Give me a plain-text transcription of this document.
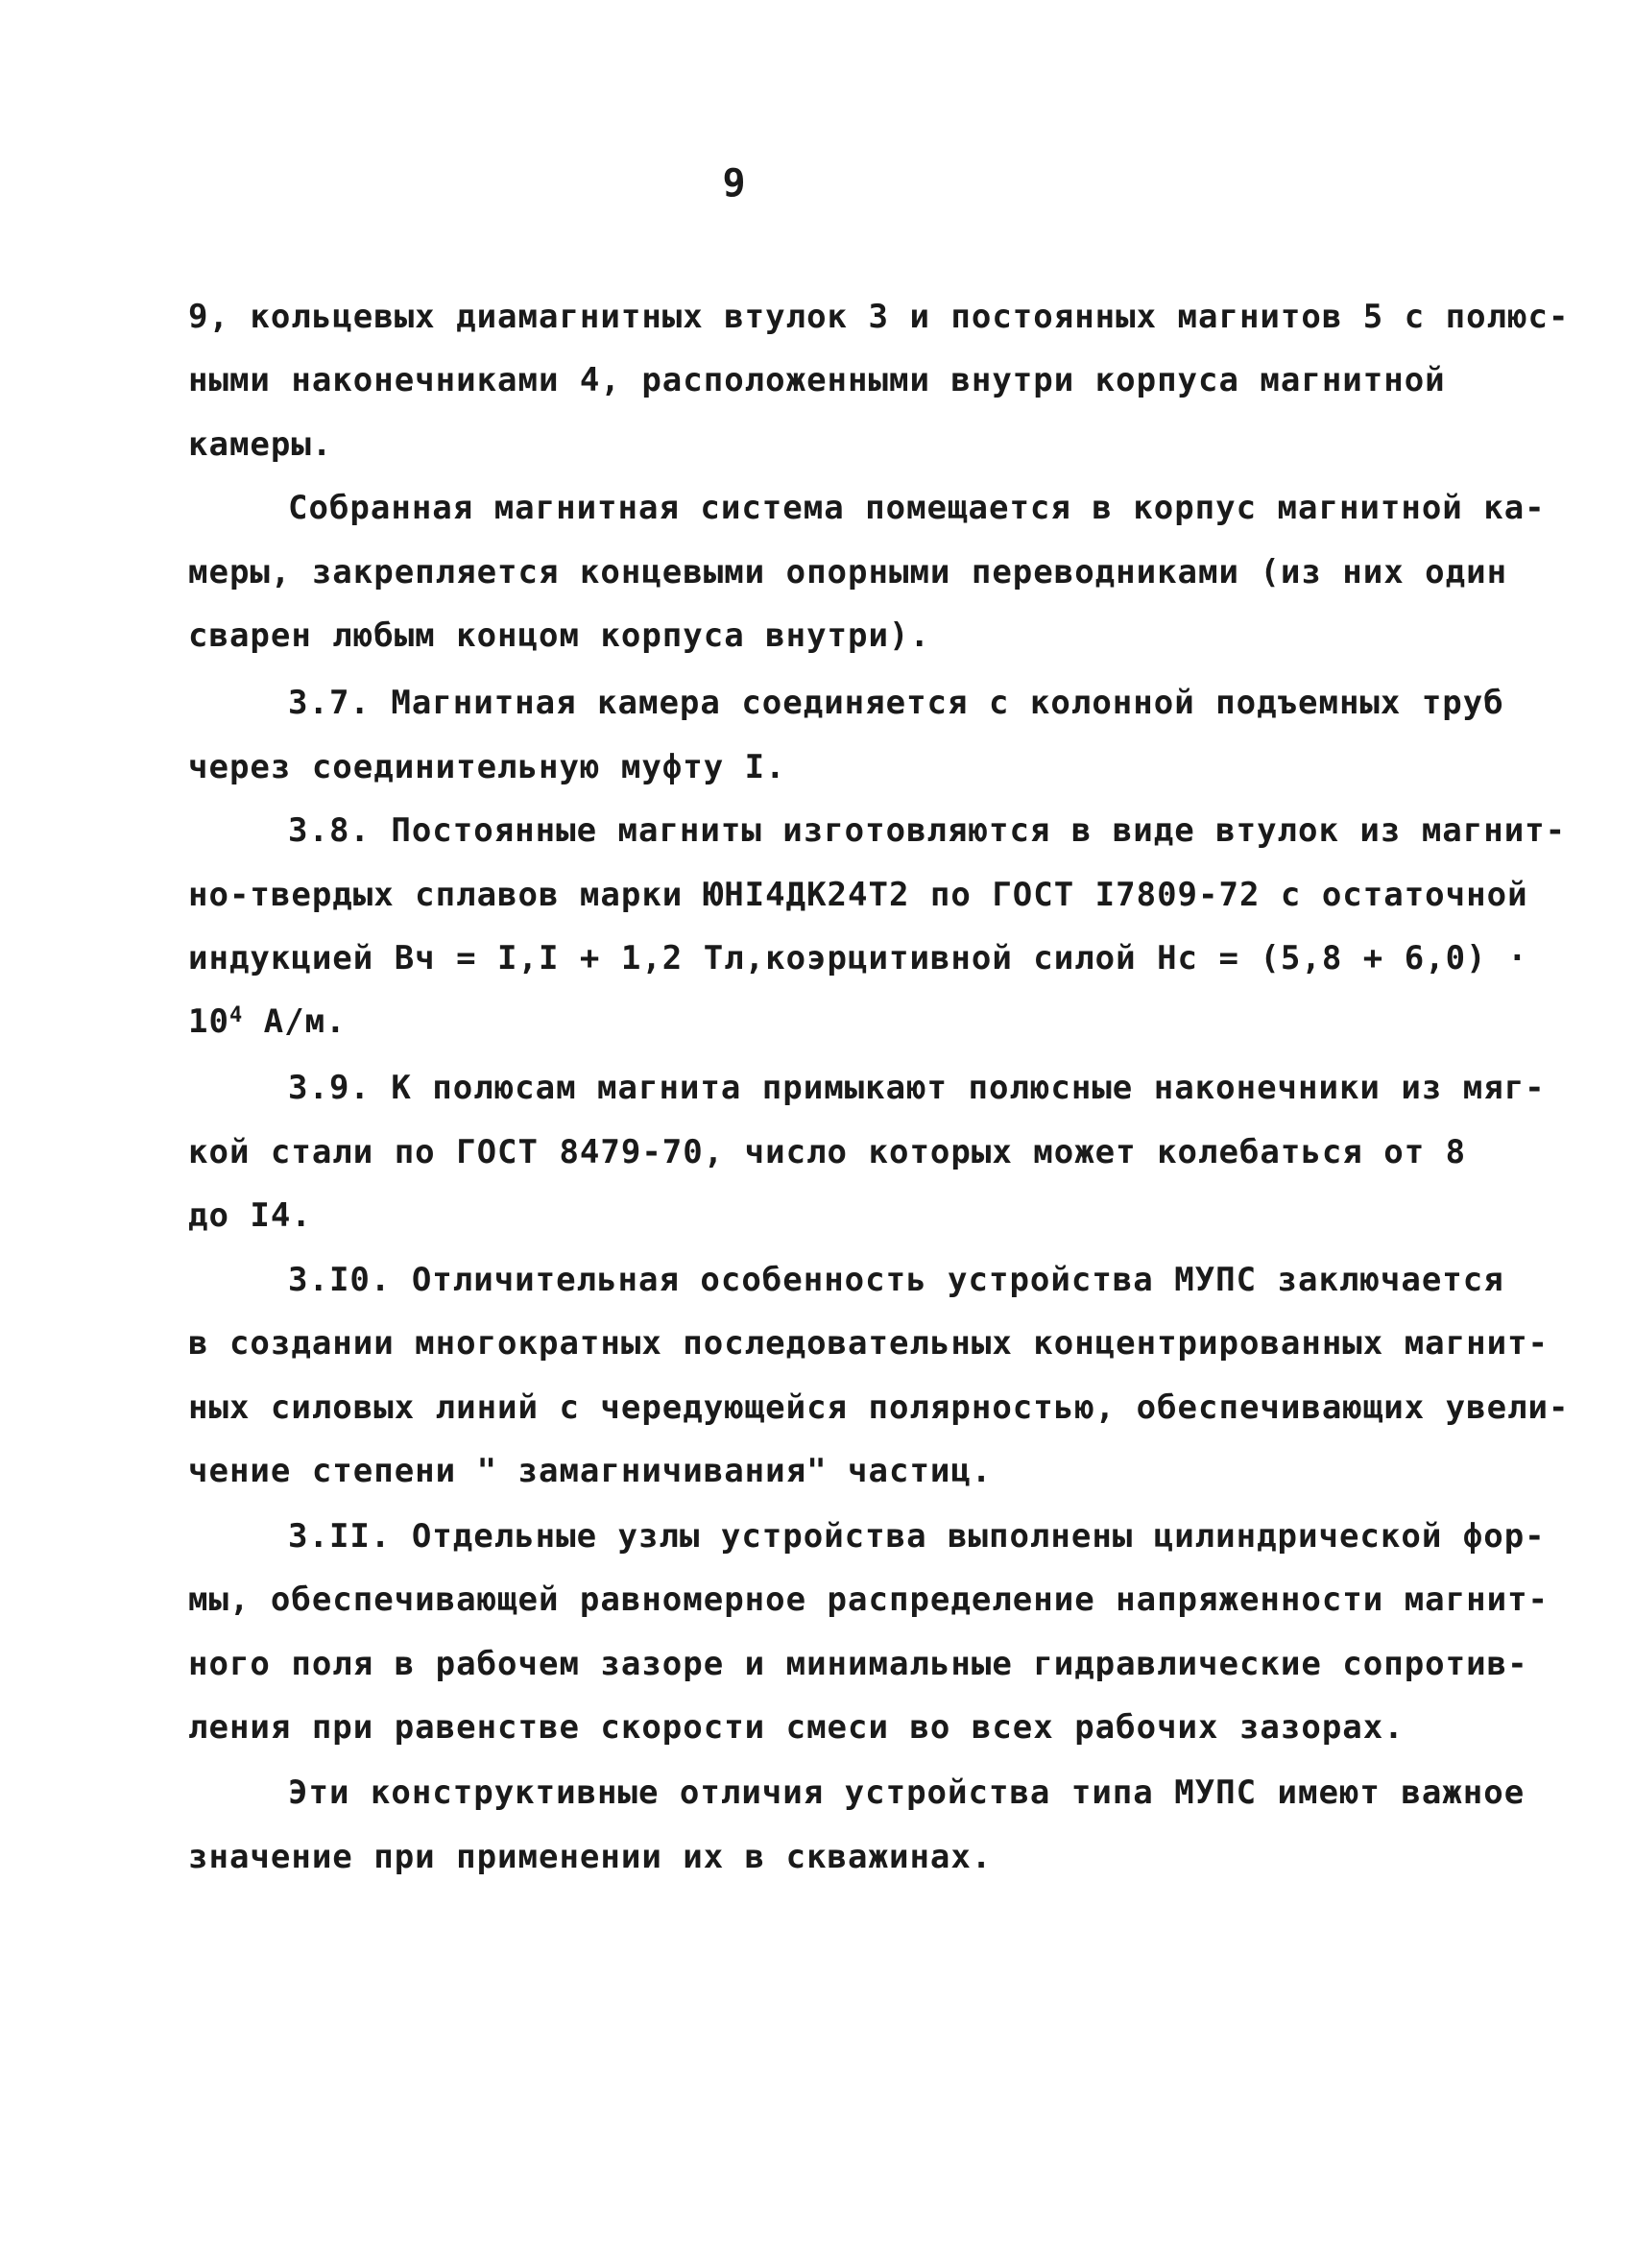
9
9, кольцевых диамагнитных втулок 3 и постоянных магнитов 5 с полюс-
ными наконечниками 4, расположенными внутри корпуса магнитной
камеры.
Собранная магнитная система помещается в корпус магнитной ка-
меры, закрепляется концевыми опорными переводниками (из них один
сварен любым концом корпуса внутри).
3.7. Магнитная камера соединяется с колонной подъемных труб
через соединительную муфту I.
3.8. Постоянные магниты изготовляются в виде втулок из магнит-
но-твердых сплавов марки ЮНI4ДК24Т2 по ГОСТ I7809-72 с остаточной
индукцией Вч = I,I + 1,2 Тл,коэрцитивной силой Нс = (5,8 + 6,0) ·
$10^4$ А/м.
3.9. К полюсам магнита примыкают полюсные наконечники из мяг-
кой стали по ГОСТ 8479-70, число которых может колебаться от 8
до I4.
3.I0. Отличительная особенность устройства МУПС заключается
в создании многократных последовательных концентрированных магнит-
ных силовых линий с чередующейся полярностью, обеспечивающих увели-
чение степени " замагничивания" частиц.
3.II. Отдельные узлы устройства выполнены цилиндрической фор-
мы, обеспечивающей равномерное распределение напряженности магнит-
ного поля в рабочем зазоре и минимальные гидравлические сопротив-
ления при равенстве скорости смеси во всех рабочих зазорах.
Эти конструктивные отличия устройства типа МУПС имеют важное
значение при применении их в скважинах.
